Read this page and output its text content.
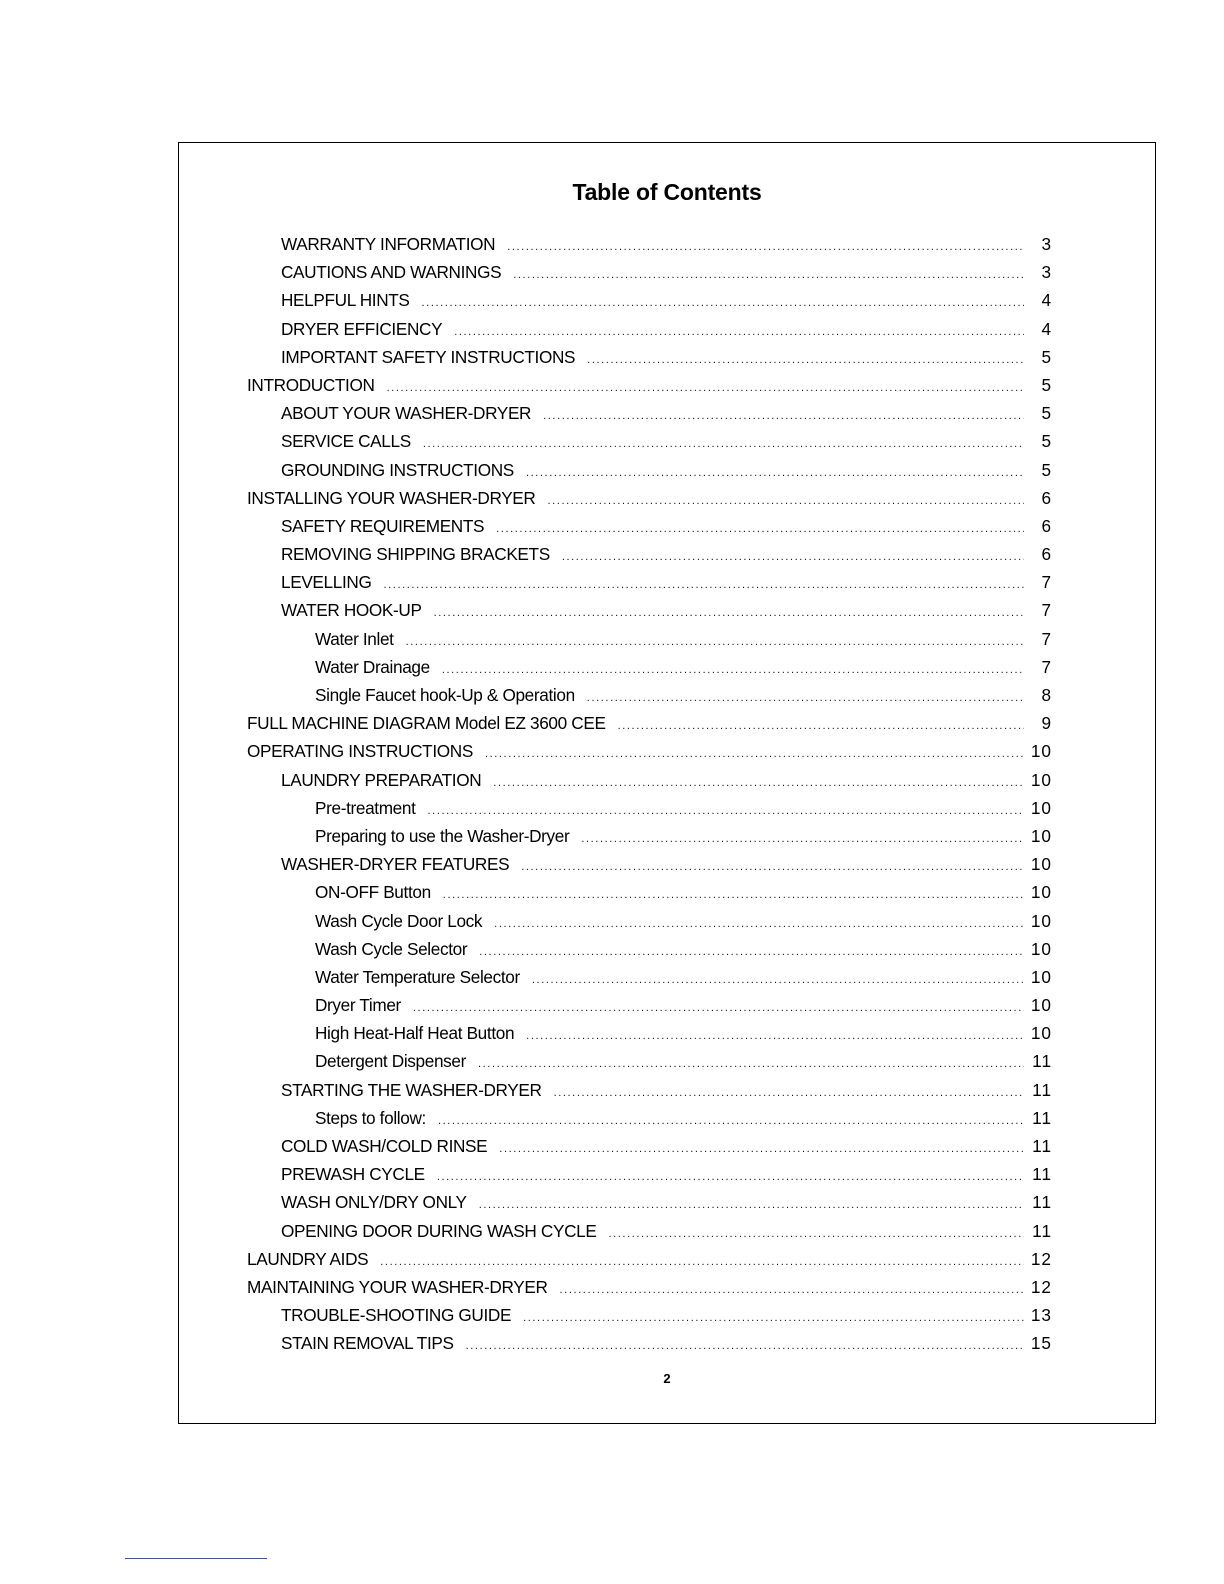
Table of Contents
WARRANTY INFORMATION .....	3
CAUTIONS AND WARNINGS .....	3
HELPFUL HINTS .....	4
DRYER EFFICIENCY .....	4
IMPORTANT SAFETY INSTRUCTIONS .....	5
INTRODUCTION .....	5
ABOUT YOUR WASHER-DRYER .....	5
SERVICE CALLS .....	5
GROUNDING INSTRUCTIONS .....	5
INSTALLING YOUR WASHER-DRYER .....	6
SAFETY REQUIREMENTS .....	6
REMOVING SHIPPING BRACKETS .....	6
LEVELLING .....	7
WATER HOOK-UP .....	7
Water Inlet .....	7
Water Drainage .....	7
Single Faucet hook-Up & Operation .....	8
FULL MACHINE DIAGRAM Model EZ 3600 CEE .....	9
OPERATING INSTRUCTIONS .....	10
LAUNDRY PREPARATION .....	10
Pre-treatment .....	10
Preparing to use the Washer-Dryer .....	10
WASHER-DRYER FEATURES .....	10
ON-OFF Button .....	10
Wash Cycle Door Lock .....	10
Wash Cycle Selector .....	10
Water Temperature Selector .....	10
Dryer Timer .....	10
High Heat-Half Heat Button .....	10
Detergent Dispenser .....	11
STARTING THE WASHER-DRYER .....	11
Steps to follow: .....	11
COLD WASH/COLD RINSE .....	11
PREWASH CYCLE .....	11
WASH ONLY/DRY ONLY .....	11
OPENING DOOR DURING WASH CYCLE .....	11
LAUNDRY AIDS .....	12
MAINTAINING YOUR WASHER-DRYER .....	12
TROUBLE-SHOOTING GUIDE .....	13
STAIN REMOVAL TIPS .....	15
2
